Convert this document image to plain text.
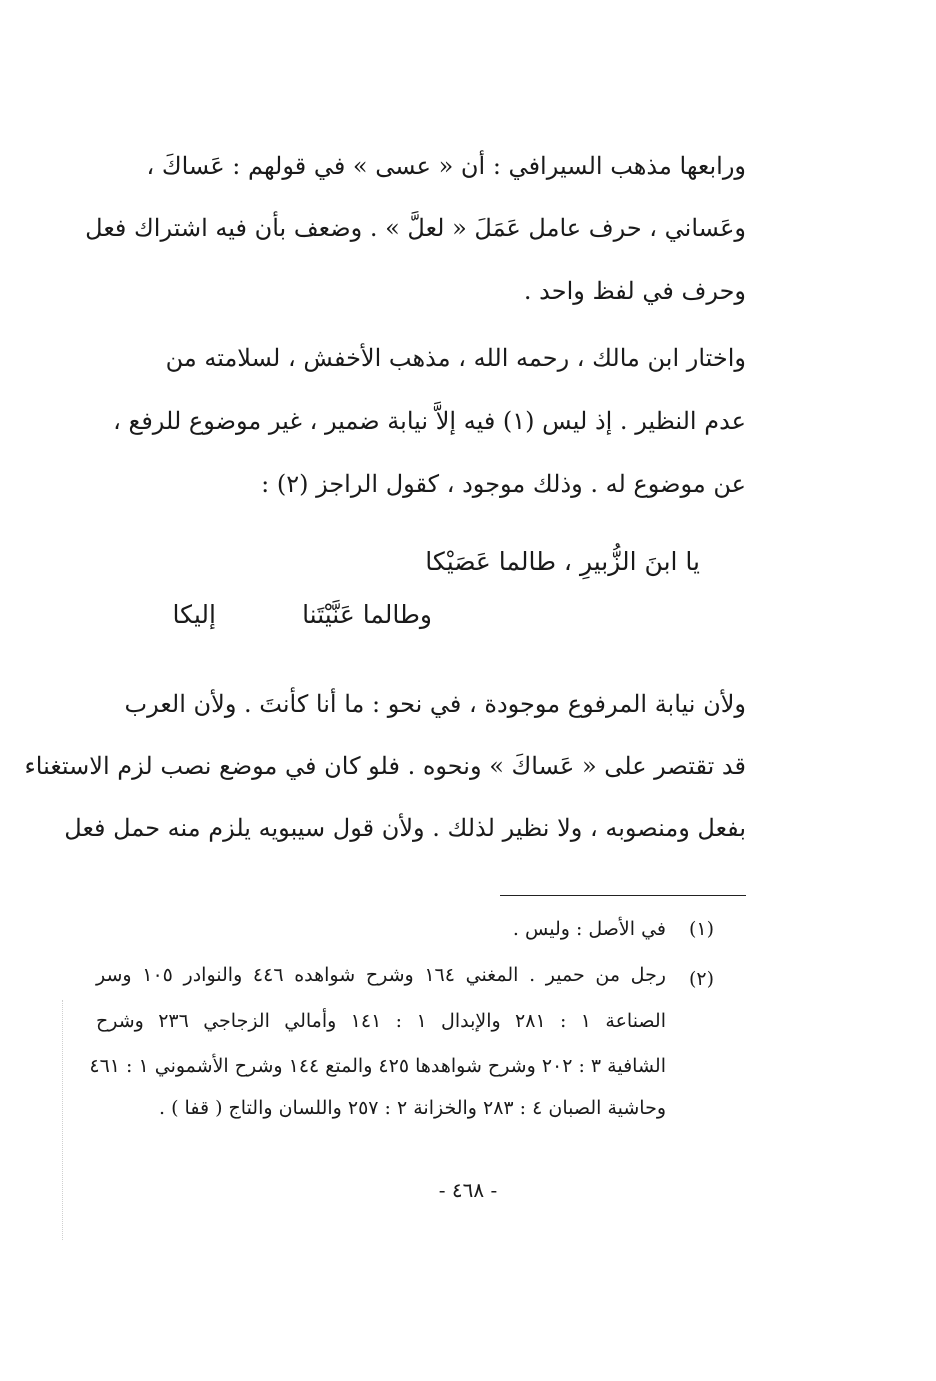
ورابعها مذهب السيرافي : أن « عسى » في قولهم : عَساكَ ،
وعَساني ، حرف عامل عَمَلَ « لعلَّ » . وضعف بأن فيه اشتراك فعل
وحرف في لفظ واحد .
واختار ابن مالك ، رحمه الله ، مذهب الأخفش ، لسلامته من
عدم النظير . إذ ليس (١) فيه إلاَّ نيابة ضمير ، غير موضوع للرفع ،
عن موضوع له . وذلك موجود ، كقول الراجز (٢) :
يا ابنَ الزُّبيرِ ، طالما عَصَيْكا
وطالما عَنَّيْتَنا
إليكا
ولأن نيابة المرفوع موجودة ، في نحو : ما أنا كأنتَ . ولأن العرب
قد تقتصر على « عَساكَ » ونحوه . فلو كان في موضع نصب لزم الاستغناء
بفعل ومنصوبه ، ولا نظير لذلك . ولأن قول سيبويه يلزم منه حمل فعل
(١)
في الأصل : وليس .
(٢)
رجل من حمير . المغني ١٦٤ وشرح شواهده ٤٤٦ والنوادر ١٠٥ وسر
الصناعة ١ : ٢٨١ والإبدال ١ : ١٤١ وأمالي الزجاجي ٢٣٦ وشرح
الشافية ٣ : ٢٠٢ وشرح شواهدها ٤٢٥ والمتع ١٤٤ وشرح الأشموني ١ : ٤٦١
وحاشية الصبان ٤ : ٢٨٣ والخزانة ٢ : ٢٥٧ واللسان والتاج ( قفا ) .
- ٤٦٨ -
